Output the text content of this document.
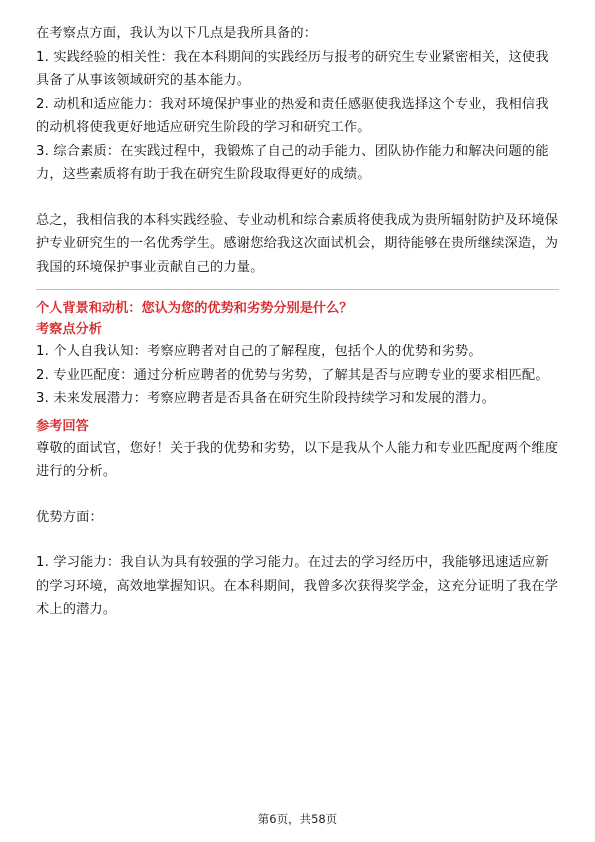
在考察点方面，我认为以下几点是我所具备的：

1. 实践经验的相关性：我在本科期间的实践经历与报考的研究生专业紧密相关，这使我具备了从事该领域研究的基本能力。

2. 动机和适应能力：我对环境保护事业的热爱和责任感驱使我选择这个专业，我相信我的动机将使我更好地适应研究生阶段的学习和研究工作。

3. 综合素质：在实践过程中，我锻炼了自己的动手能力、团队协作能力和解决问题的能力，这些素质将有助于我在研究生阶段取得更好的成绩。

总之，我相信我的本科实践经验、专业动机和综合素质将使我成为贵所辐射防护及环境保护专业研究生的一名优秀学生。感谢您给我这次面试机会，期待能够在贵所继续深造，为我国的环境保护事业贡献自己的力量。

个人背景和动机：您认为您的优势和劣势分别是什么？

考察点分析

1. 个人自我认知：考察应聘者对自己的了解程度，包括个人的优势和劣势。

2. 专业匹配度：通过分析应聘者的优势与劣势，了解其是否与应聘专业的要求相匹配。

3. 未来发展潜力：考察应聘者是否具备在研究生阶段持续学习和发展的潜力。

参考回答

尊敬的面试官，您好！关于我的优势和劣势，以下是我从个人能力和专业匹配度两个维度进行的分析。

优势方面：

1. 学习能力：我自认为具有较强的学习能力。在过去的学习经历中，我能够迅速适应新的学习环境，高效地掌握知识。在本科期间，我曾多次获得奖学金，这充分证明了我在学术上的潜力。

第6页，共58页
